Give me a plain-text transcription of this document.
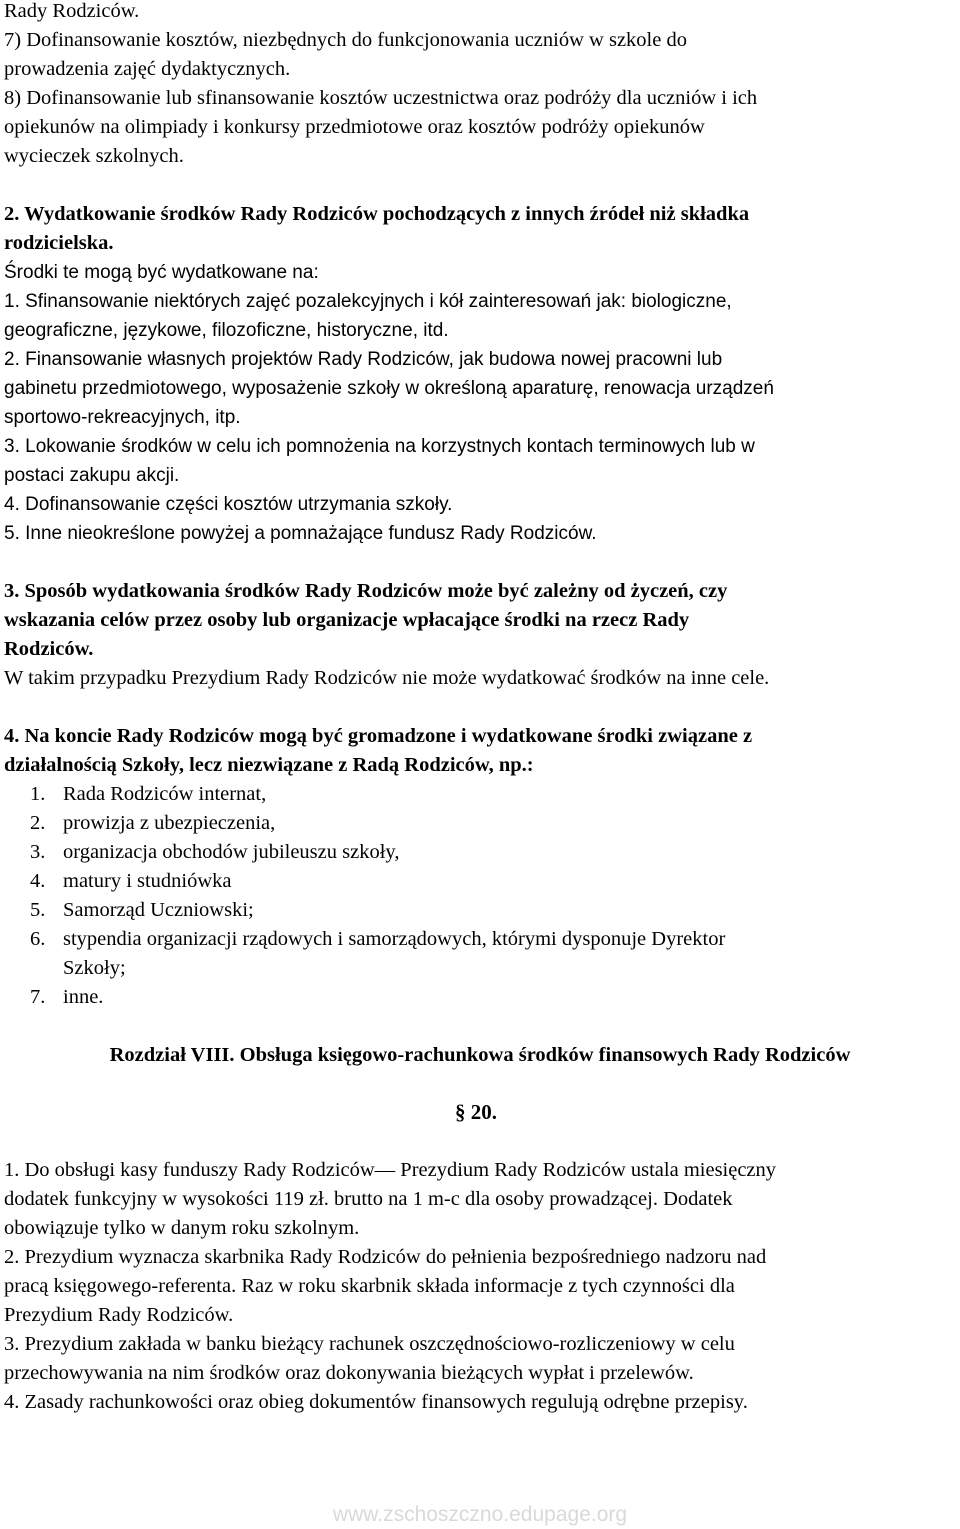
Rady Rodziców.
7) Dofinansowanie kosztów, niezbędnych do funkcjonowania uczniów w szkole do
prowadzenia zajęć dydaktycznych.
8) Dofinansowanie lub sfinansowanie kosztów uczestnictwa oraz podróży dla uczniów i ich
opiekunów na olimpiady i konkursy przedmiotowe oraz kosztów podróży opiekunów
wycieczek szkolnych.
2. Wydatkowanie środków Rady Rodziców pochodzących z innych źródeł niż składka
rodzicielska.
Środki te mogą być wydatkowane na:
1. Sfinansowanie niektórych zajęć pozalekcyjnych i kół zainteresowań jak: biologiczne,
geograficzne, językowe, filozoficzne, historyczne, itd.
2. Finansowanie własnych projektów Rady Rodziców, jak budowa nowej pracowni lub
gabinetu przedmiotowego, wyposażenie szkoły w określoną aparaturę, renowacja urządzeń
sportowo-rekreacyjnych, itp.
3. Lokowanie środków w celu ich pomnożenia na korzystnych kontach terminowych lub w
postaci zakupu akcji.
4. Dofinansowanie części kosztów utrzymania szkoły.
5. Inne nieokreślone powyżej a pomnażające fundusz Rady Rodziców.
3. Sposób wydatkowania środków Rady Rodziców może być zależny od życzeń, czy
wskazania celów przez osoby lub organizacje wpłacające środki na rzecz Rady
Rodziców.
W takim przypadku Prezydium Rady Rodziców nie może wydatkować środków na inne cele.
4. Na koncie Rady Rodziców mogą być gromadzone i wydatkowane środki związane z
działalnością Szkoły, lecz niezwiązane z Radą Rodziców, np.:
1. Rada Rodziców internat,
2. prowizja z ubezpieczenia,
3. organizacja obchodów jubileuszu szkoły,
4. matury i studniówka
5. Samorząd Uczniowski;
6. stypendia organizacji rządowych i samorządowych, którymi dysponuje Dyrektor
Szkoły;
7. inne.
Rozdział VIII. Obsługa księgowo-rachunkowa środków finansowych Rady Rodziców
§ 20.
1. Do obsługi kasy funduszy Rady Rodziców— Prezydium Rady Rodziców ustala miesięczny
dodatek funkcyjny w wysokości 119 zł. brutto na 1 m-c dla osoby prowadzącej. Dodatek
obowiązuje tylko w danym roku szkolnym.
2. Prezydium wyznacza skarbnika Rady Rodziców do pełnienia bezpośredniego nadzoru nad
pracą księgowego-referenta. Raz w roku skarbnik składa informacje z tych czynności dla
Prezydium Rady Rodziców.
3. Prezydium zakłada w banku bieżący rachunek oszczędnościowo-rozliczeniowy w celu
przechowywania na nim środków oraz dokonywania bieżących wypłat i przelewów.
4. Zasady rachunkowości oraz obieg dokumentów finansowych regulują odrębne przepisy.
www.zschoszczno.edupage.org
